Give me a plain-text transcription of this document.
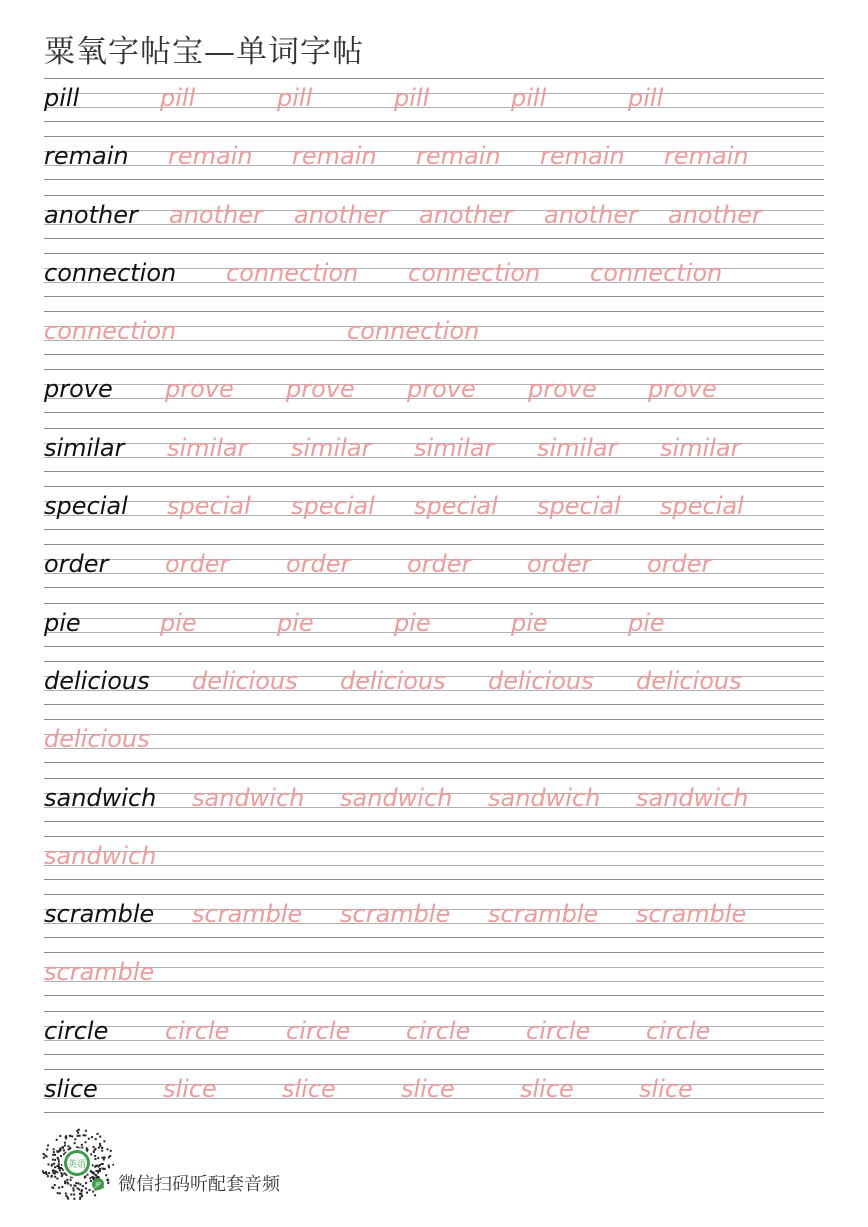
粟氧字帖宝—单词字帖
pill	pill	pill	pill	pill	pill
remain remain remain remain remain remain
another another another another another another
connection connection connection connection
connection	connection
prove prove prove prove prove prove
similar similar similar similar similar similar
special special special special special special
order order order order order order
pie	pie	pie	pie	pie	pie
delicious delicious delicious delicious delicious
delicious
sandwich sandwich sandwich sandwich sandwich
sandwich
scramble scramble scramble scramble scramble
scramble
circle circle circle circle circle circle
slice	slice	slice	slice	slice	slice
英语
JP 微信扫码听配套音频
